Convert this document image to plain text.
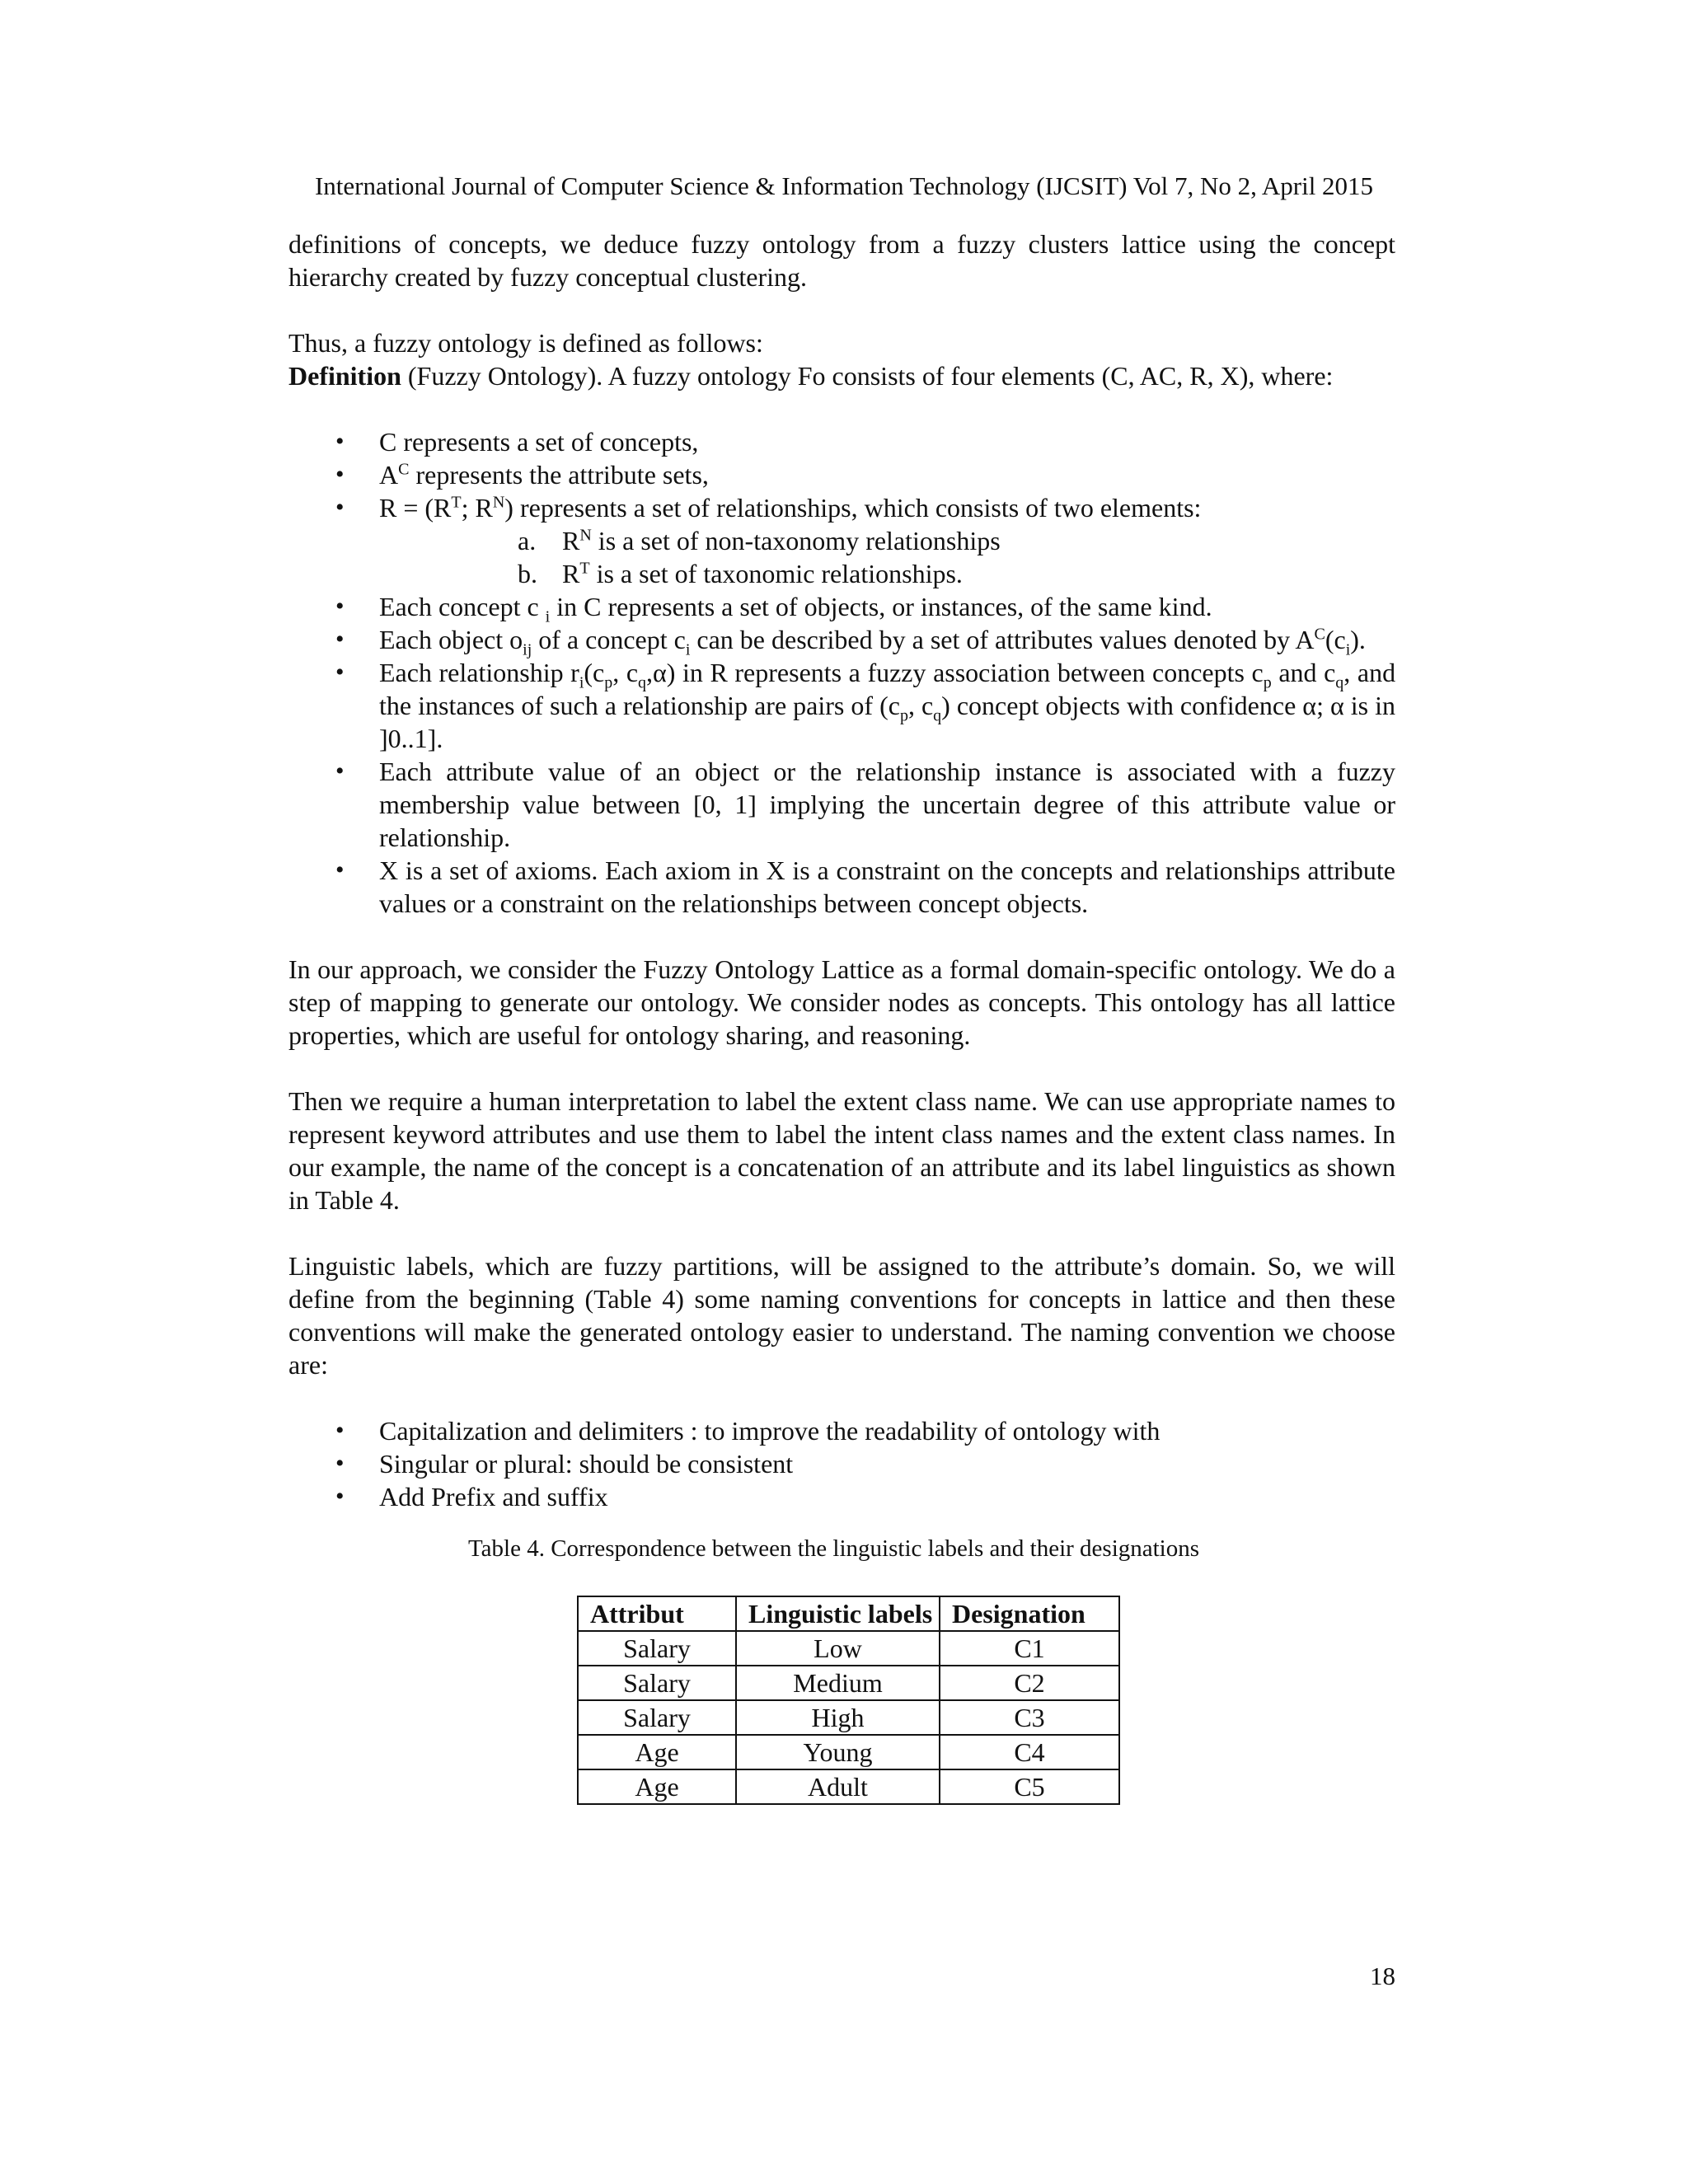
International Journal of Computer Science & Information Technology (IJCSIT) Vol 7, No 2, April 2015

definitions of concepts, we deduce fuzzy ontology from a fuzzy clusters lattice using the concept hierarchy created by fuzzy conceptual clustering.

Thus, a fuzzy ontology is defined as follows:

Definition (Fuzzy Ontology). A fuzzy ontology Fo consists of four elements (C, AC, R, X), where:

• C represents a set of concepts,
• $A^C$ represents the attribute sets,
• $R = (R^T$; $R^N$) represents a set of relationships, which consists of two elements:
a. $R^N$ is a set of non-taxonomy relationships
b. $R^T$ is a set of taxonomic relationships.
• Each concept c $_i$ in C represents a set of objects, or instances, of the same kind.
• Each object $o_{ij}$ of a concept $c_i$ can be described by a set of attributes values denoted by $A^C(c_i)$.
• Each relationship $r_i(c_p$, $c_q,\alpha$) in R represents a fuzzy association between concepts $c_p$ and $c_q$, and the instances of such a relationship are pairs of ($c_p$, $c_q$) concept objects with confidence α; α is in ]0..1].
• Each attribute value of an object or the relationship instance is associated with a fuzzy membership value between [0, 1] implying the uncertain degree of this attribute value or relationship.
• X is a set of axioms. Each axiom in X is a constraint on the concepts and relationships attribute values or a constraint on the relationships between concept objects.

In our approach, we consider the Fuzzy Ontology Lattice as a formal domain-specific ontology. We do a step of mapping to generate our ontology. We consider nodes as concepts. This ontology has all lattice properties, which are useful for ontology sharing, and reasoning.

Then we require a human interpretation to label the extent class name. We can use appropriate names to represent keyword attributes and use them to label the intent class names and the extent class names. In our example, the name of the concept is a concatenation of an attribute and its label linguistics as shown in Table 4.

Linguistic labels, which are fuzzy partitions, will be assigned to the attribute’s domain. So, we will define from the beginning (Table 4) some naming conventions for concepts in lattice and then these conventions will make the generated ontology easier to understand. The naming convention we choose are:

• Capitalization and delimiters : to improve the readability of ontology with
• Singular or plural: should be consistent
• Add Prefix and suffix
Table 4. Correspondence between the linguistic labels and their designations
Attribut	Linguistic labels	Designation
Salary	Low	C1
Salary	Medium	C2
Salary	High	C3
Age	Young	C4
Age	Adult	C5
18
